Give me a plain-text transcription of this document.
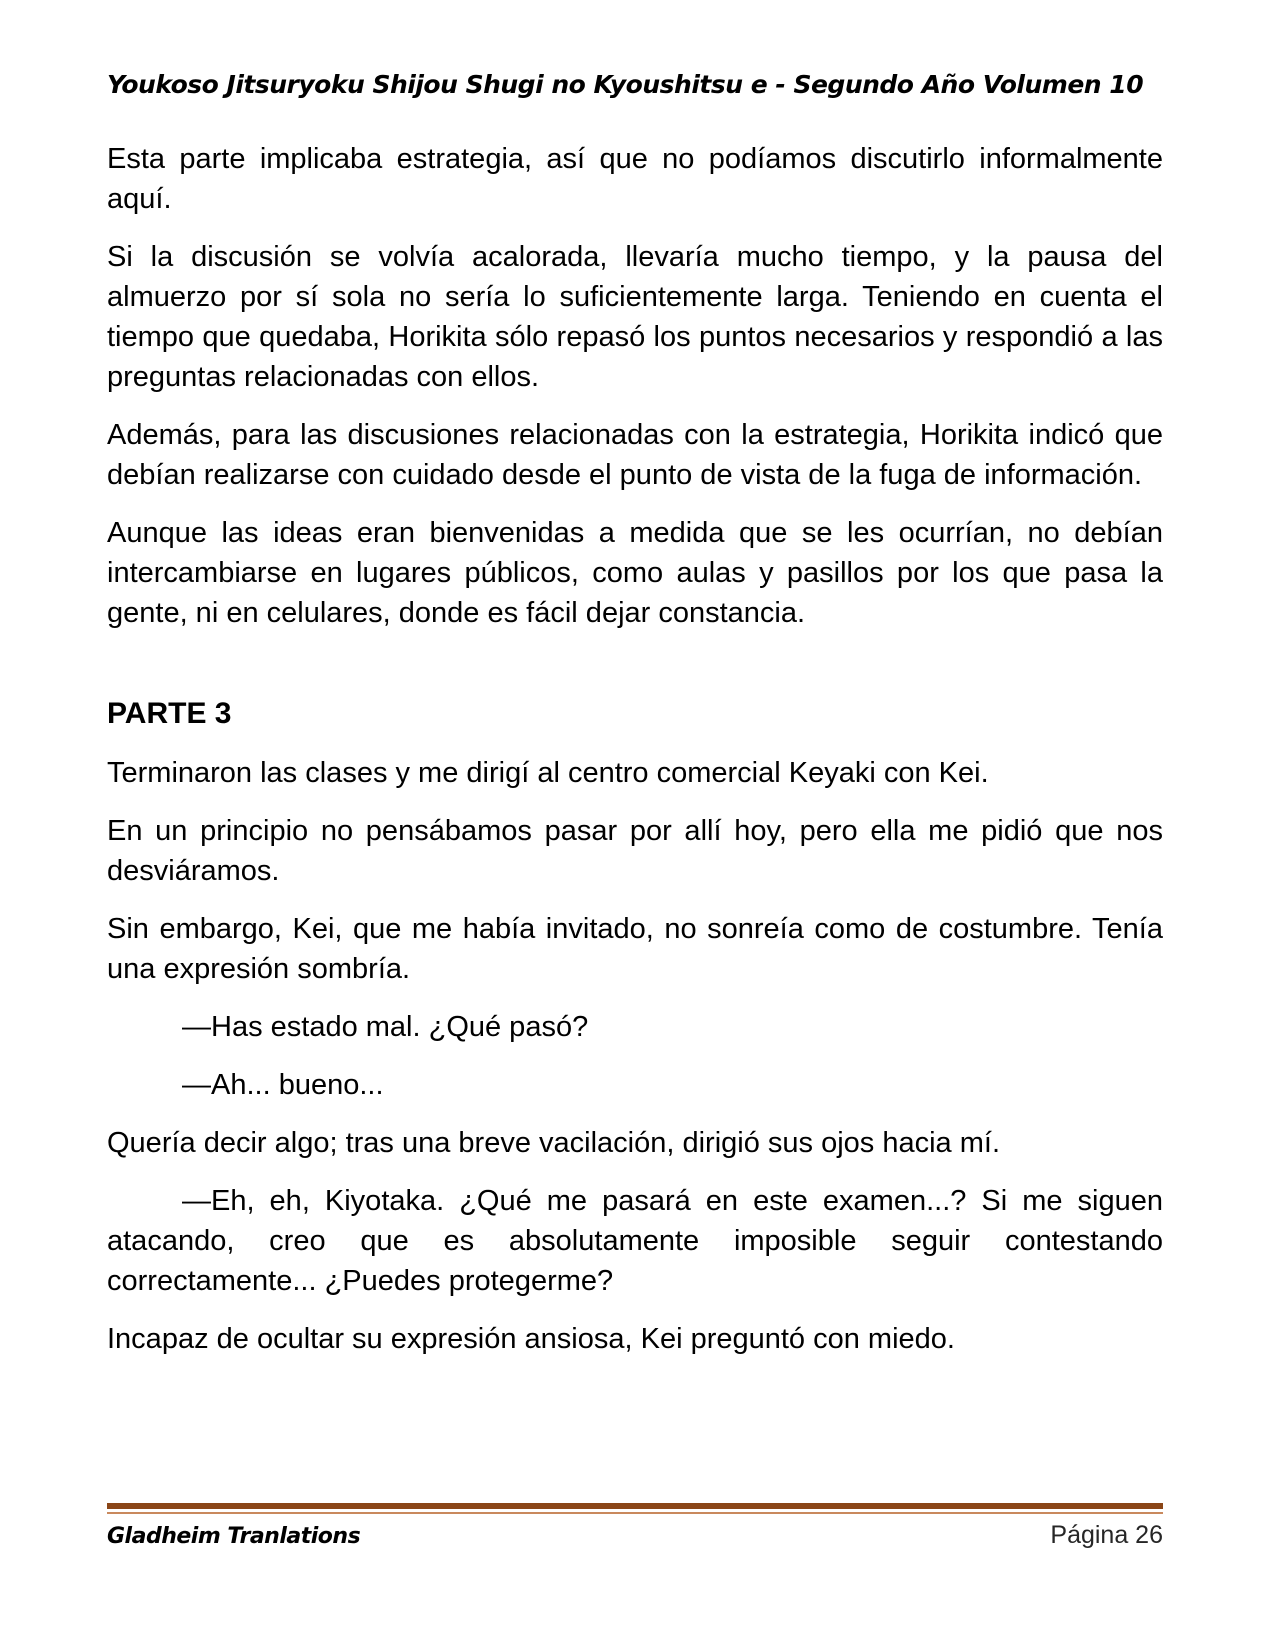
Youkoso Jitsuryoku Shijou Shugi no Kyoushitsu e - Segundo Año Volumen 10

Esta parte implicaba estrategia, así que no podíamos discutirlo informalmente aquí.

Si la discusión se volvía acalorada, llevaría mucho tiempo, y la pausa del almuerzo por sí sola no sería lo suficientemente larga. Teniendo en cuenta el tiempo que quedaba, Horikita sólo repasó los puntos necesarios y respondió a las preguntas relacionadas con ellos.

Además, para las discusiones relacionadas con la estrategia, Horikita indicó que debían realizarse con cuidado desde el punto de vista de la fuga de información.

Aunque las ideas eran bienvenidas a medida que se les ocurrían, no debían intercambiarse en lugares públicos, como aulas y pasillos por los que pasa la gente, ni en celulares, donde es fácil dejar constancia.

PARTE 3

Terminaron las clases y me dirigí al centro comercial Keyaki con Kei.

En un principio no pensábamos pasar por allí hoy, pero ella me pidió que nos desviáramos.

Sin embargo, Kei, que me había invitado, no sonreía como de costumbre. Tenía una expresión sombría.

—Has estado mal. ¿Qué pasó?

—Ah... bueno...

Quería decir algo; tras una breve vacilación, dirigió sus ojos hacia mí.

—Eh, eh, Kiyotaka. ¿Qué me pasará en este examen...? Si me siguen atacando, creo que es absolutamente imposible seguir contestando correctamente... ¿Puedes protegerme?

Incapaz de ocultar su expresión ansiosa, Kei preguntó con miedo.

Gladheim Tranlations	Página 26
